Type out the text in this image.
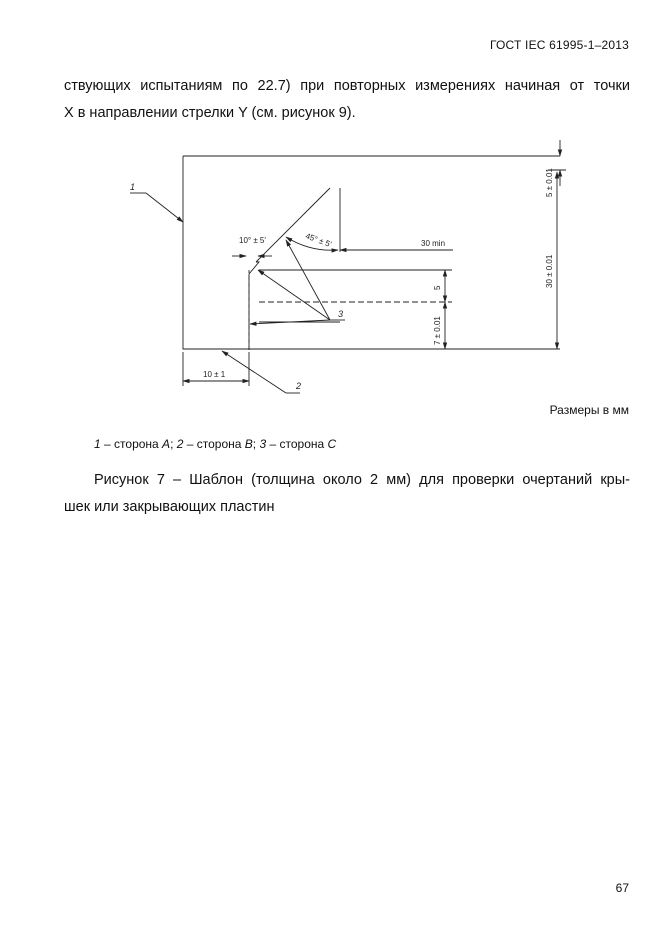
ГОСТ IEC 61995-1–2013
ствующих испытаниям по 22.7) при повторных измерениях начиная от точки
X в направлении стрелки Y (см. рисунок 9).
1
2
3
5 ± 0.01
30 ± 0.01
5
7 ± 0.01
30 min
45° ± 5'
10° ± 5'
10 ± 1
Размеры в мм
1 – сторона A; 2 – сторона B; 3 – сторона C
Рисунок 7 – Шаблон (толщина около 2 мм) для проверки очертаний кры-
шек или закрывающих пластин
67
